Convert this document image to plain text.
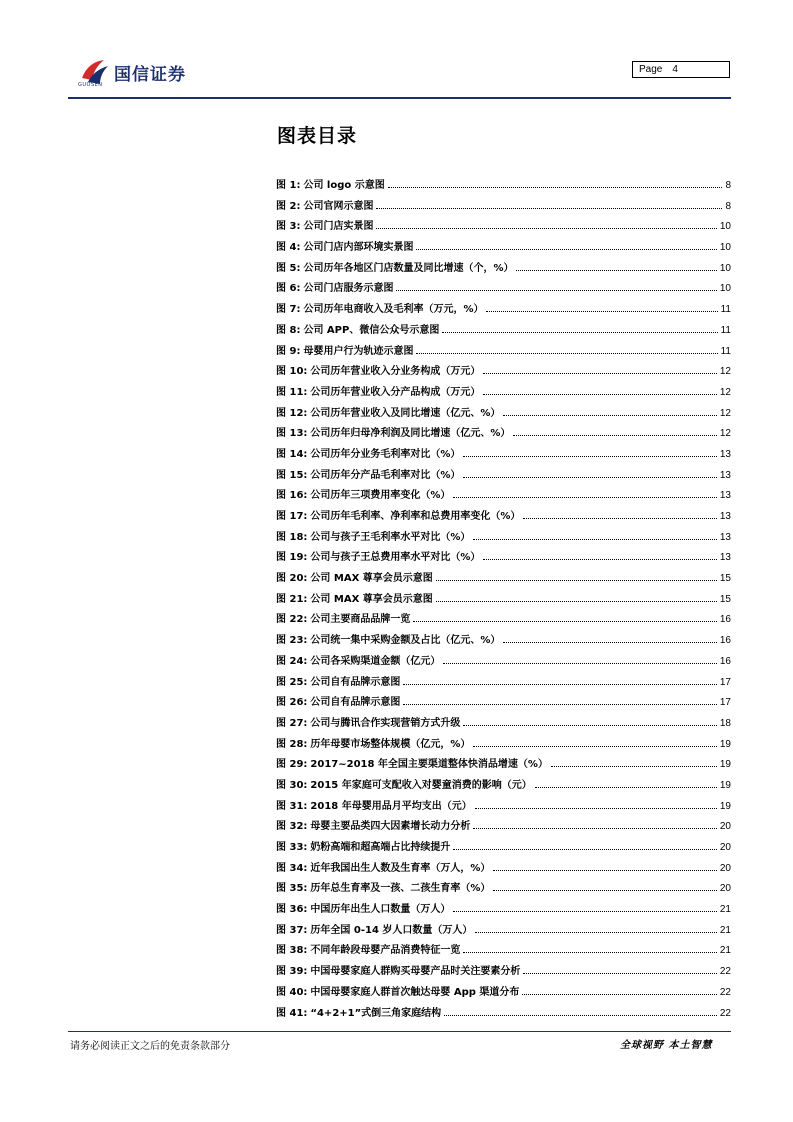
国信证券
GUOSEN
Page 4
图表目录
图 1: 公司 logo 示意图	8
图 2: 公司官网示意图	8
图 3: 公司门店实景图	10
图 4: 公司门店内部环境实景图	10
图 5: 公司历年各地区门店数量及同比增速（个，%）	10
图 6: 公司门店服务示意图	10
图 7: 公司历年电商收入及毛利率（万元，%）	11
图 8: 公司 APP、微信公众号示意图	11
图 9: 母婴用户行为轨迹示意图	11
图 10: 公司历年营业收入分业务构成（万元）	12
图 11: 公司历年营业收入分产品构成（万元）	12
图 12: 公司历年营业收入及同比增速（亿元、%）	12
图 13: 公司历年归母净利润及同比增速（亿元、%）	12
图 14: 公司历年分业务毛利率对比（%）	13
图 15: 公司历年分产品毛利率对比（%）	13
图 16: 公司历年三项费用率变化（%）	13
图 17: 公司历年毛利率、净利率和总费用率变化（%）	13
图 18: 公司与孩子王毛利率水平对比（%）	13
图 19: 公司与孩子王总费用率水平对比（%）	13
图 20: 公司 MAX 尊享会员示意图	15
图 21: 公司 MAX 尊享会员示意图	15
图 22: 公司主要商品品牌一览	16
图 23: 公司统一集中采购金额及占比（亿元、%）	16
图 24: 公司各采购渠道金额（亿元）	16
图 25: 公司自有品牌示意图	17
图 26: 公司自有品牌示意图	17
图 27: 公司与腾讯合作实现营销方式升级	18
图 28: 历年母婴市场整体规模（亿元，%）	19
图 29: 2017~2018 年全国主要渠道整体快消品增速（%）	19
图 30: 2015 年家庭可支配收入对婴童消费的影响（元）	19
图 31: 2018 年母婴用品月平均支出（元）	19
图 32: 母婴主要品类四大因素增长动力分析	20
图 33: 奶粉高端和超高端占比持续提升	20
图 34: 近年我国出生人数及生育率（万人，%）	20
图 35: 历年总生育率及一孩、二孩生育率（%）	20
图 36: 中国历年出生人口数量（万人）	21
图 37: 历年全国 0-14 岁人口数量（万人）	21
图 38: 不同年龄段母婴产品消费特征一览	21
图 39: 中国母婴家庭人群购买母婴产品时关注要素分析	22
图 40: 中国母婴家庭人群首次触达母婴 App 渠道分布	22
图 41: “4+2+1”式倒三角家庭结构	22
请务必阅读正文之后的免责条款部分	全球视野 本土智慧
